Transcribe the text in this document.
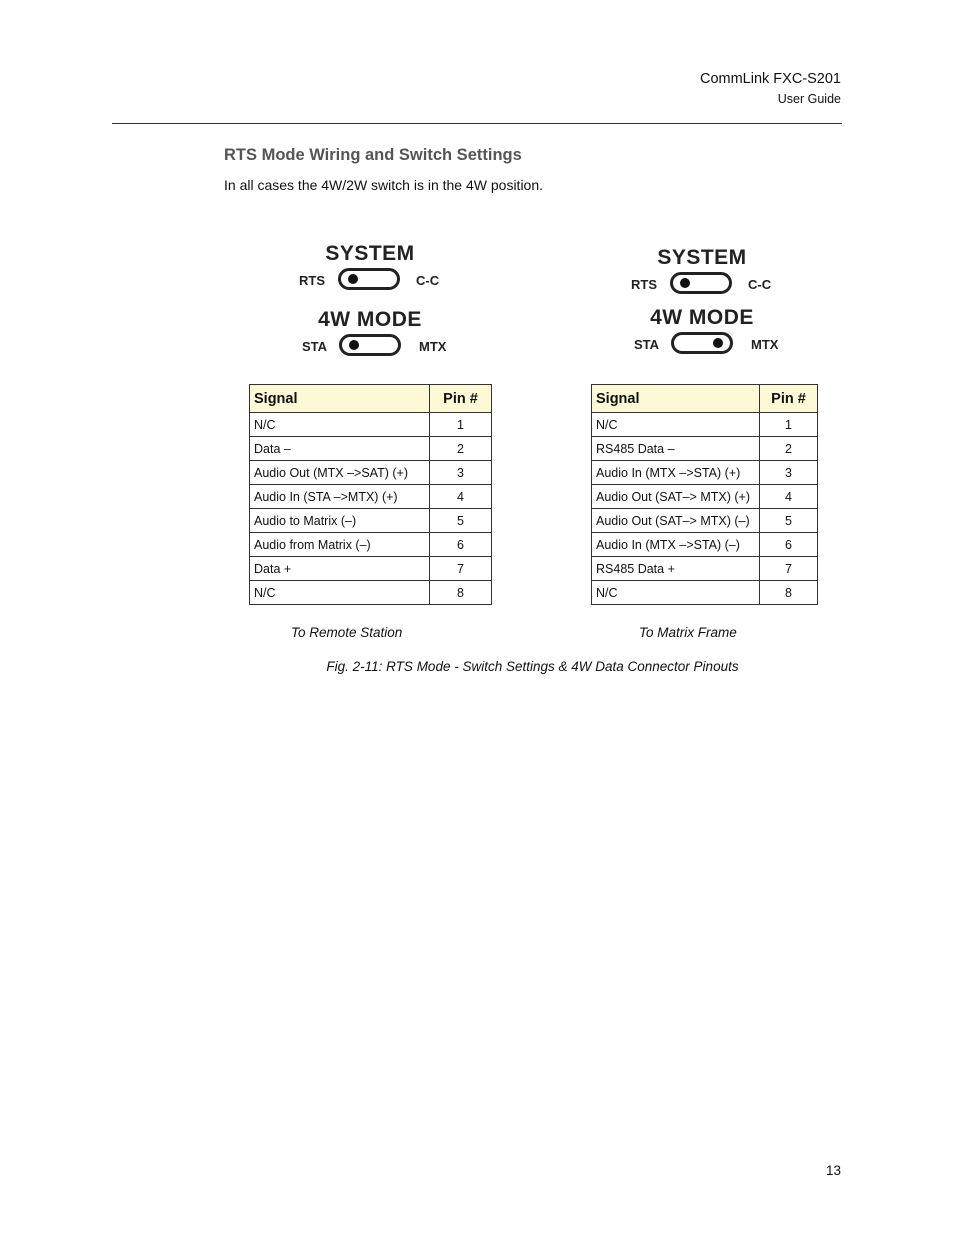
CommLink FXC-S201
User Guide
RTS Mode Wiring and Switch Settings
In all cases the 4W/2W switch is in the 4W position.
SYSTEM
RTS	C-C
4W MODE
STA	MTX
SYSTEM
RTS	C-C
4W MODE
STA	MTX
Signal	Pin #
N/C	1
Data –	2
Audio Out (MTX –>SAT) (+)	3
Audio In (STA –>MTX) (+)	4
Audio to Matrix (–)	5
Audio from Matrix (–)	6
Data +	7
N/C	8
Signal	Pin #
N/C	1
RS485 Data –	2
Audio In (MTX –>STA) (+)	3
Audio Out (SAT–> MTX) (+)	4
Audio Out (SAT–> MTX) (–)	5
Audio In (MTX –>STA) (–)	6
RS485 Data +	7
N/C	8
To Remote Station	To Matrix Frame
Fig. 2-11: RTS Mode - Switch Settings & 4W Data Connector Pinouts
13
